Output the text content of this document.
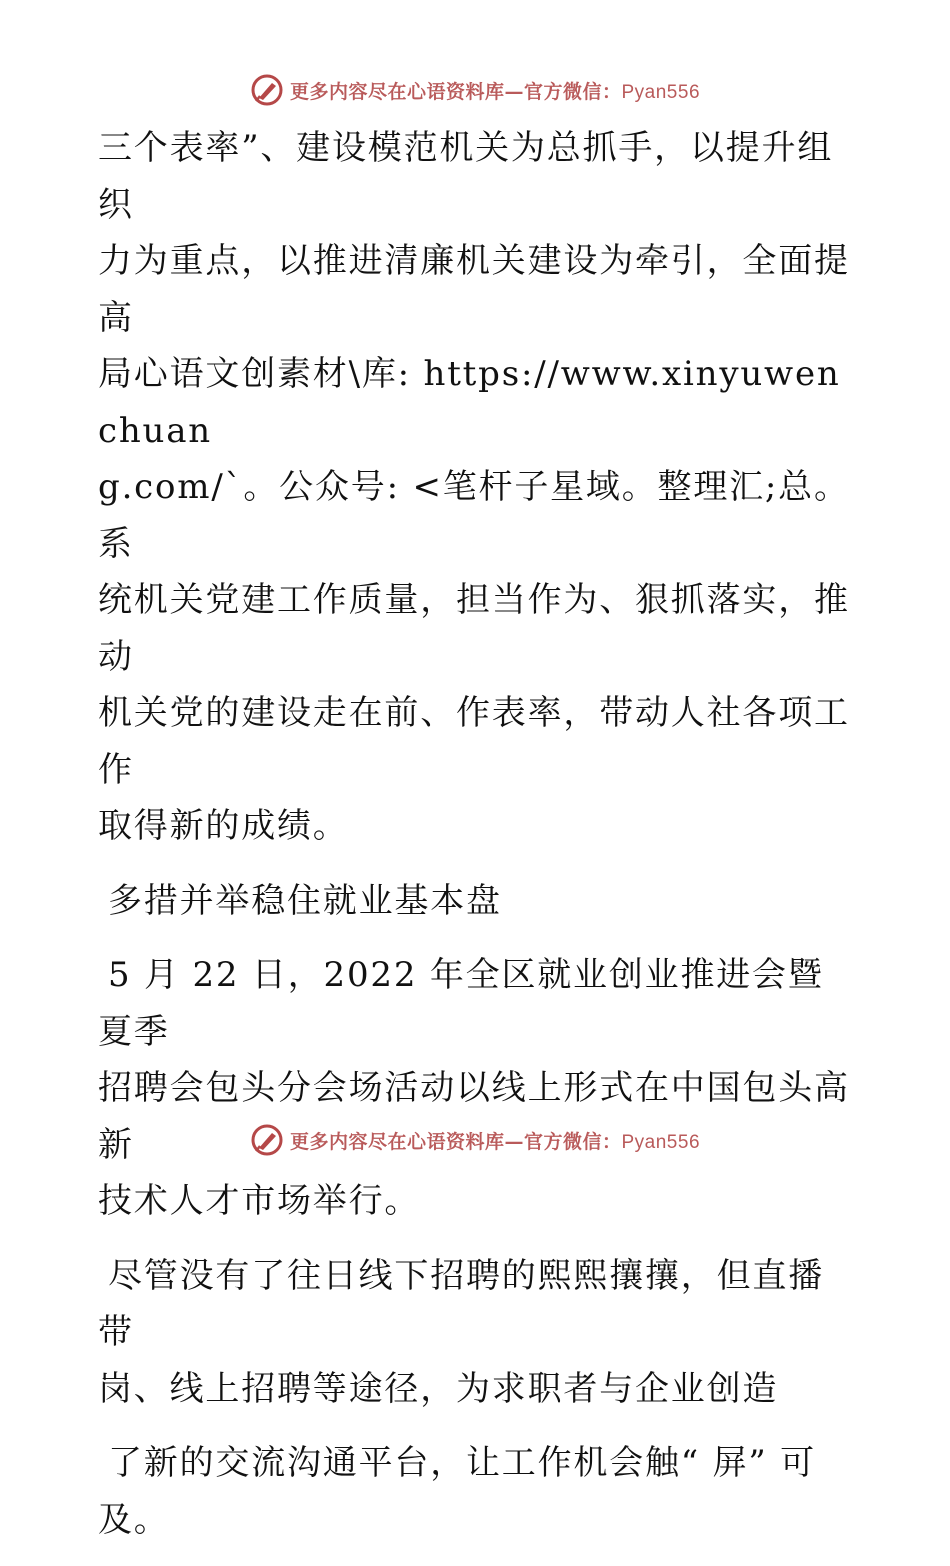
更多内容尽在心语资料库—官方微信：Pyan556

三个表率”、建设模范机关为总抓手，以提升组织
力为重点，以推进清廉机关建设为牵引，全面提高
局心语文创素材\库: https://www.xinyuwenchuan
g.com/`。公众号: <笔杆子星域。整理汇;总。系
统机关党建工作质量，担当作为、狠抓落实，推动
机关党的建设走在前、作表率，带动人社各项工作
取得新的成绩。

多措并举稳住就业基本盘

5 月 22 日，2022 年全区就业创业推进会暨夏季
招聘会包头分会场活动以线上形式在中国包头高新
技术人才市场举行。

尽管没有了往日线下招聘的熙熙攘攘，但直播带
岗、线上招聘等途径，为求职者与企业创造

了新的交流沟通平台，让工作机会触“ 屏” 可
及。

更多内容尽在心语资料库—官方微信：Pyan556
